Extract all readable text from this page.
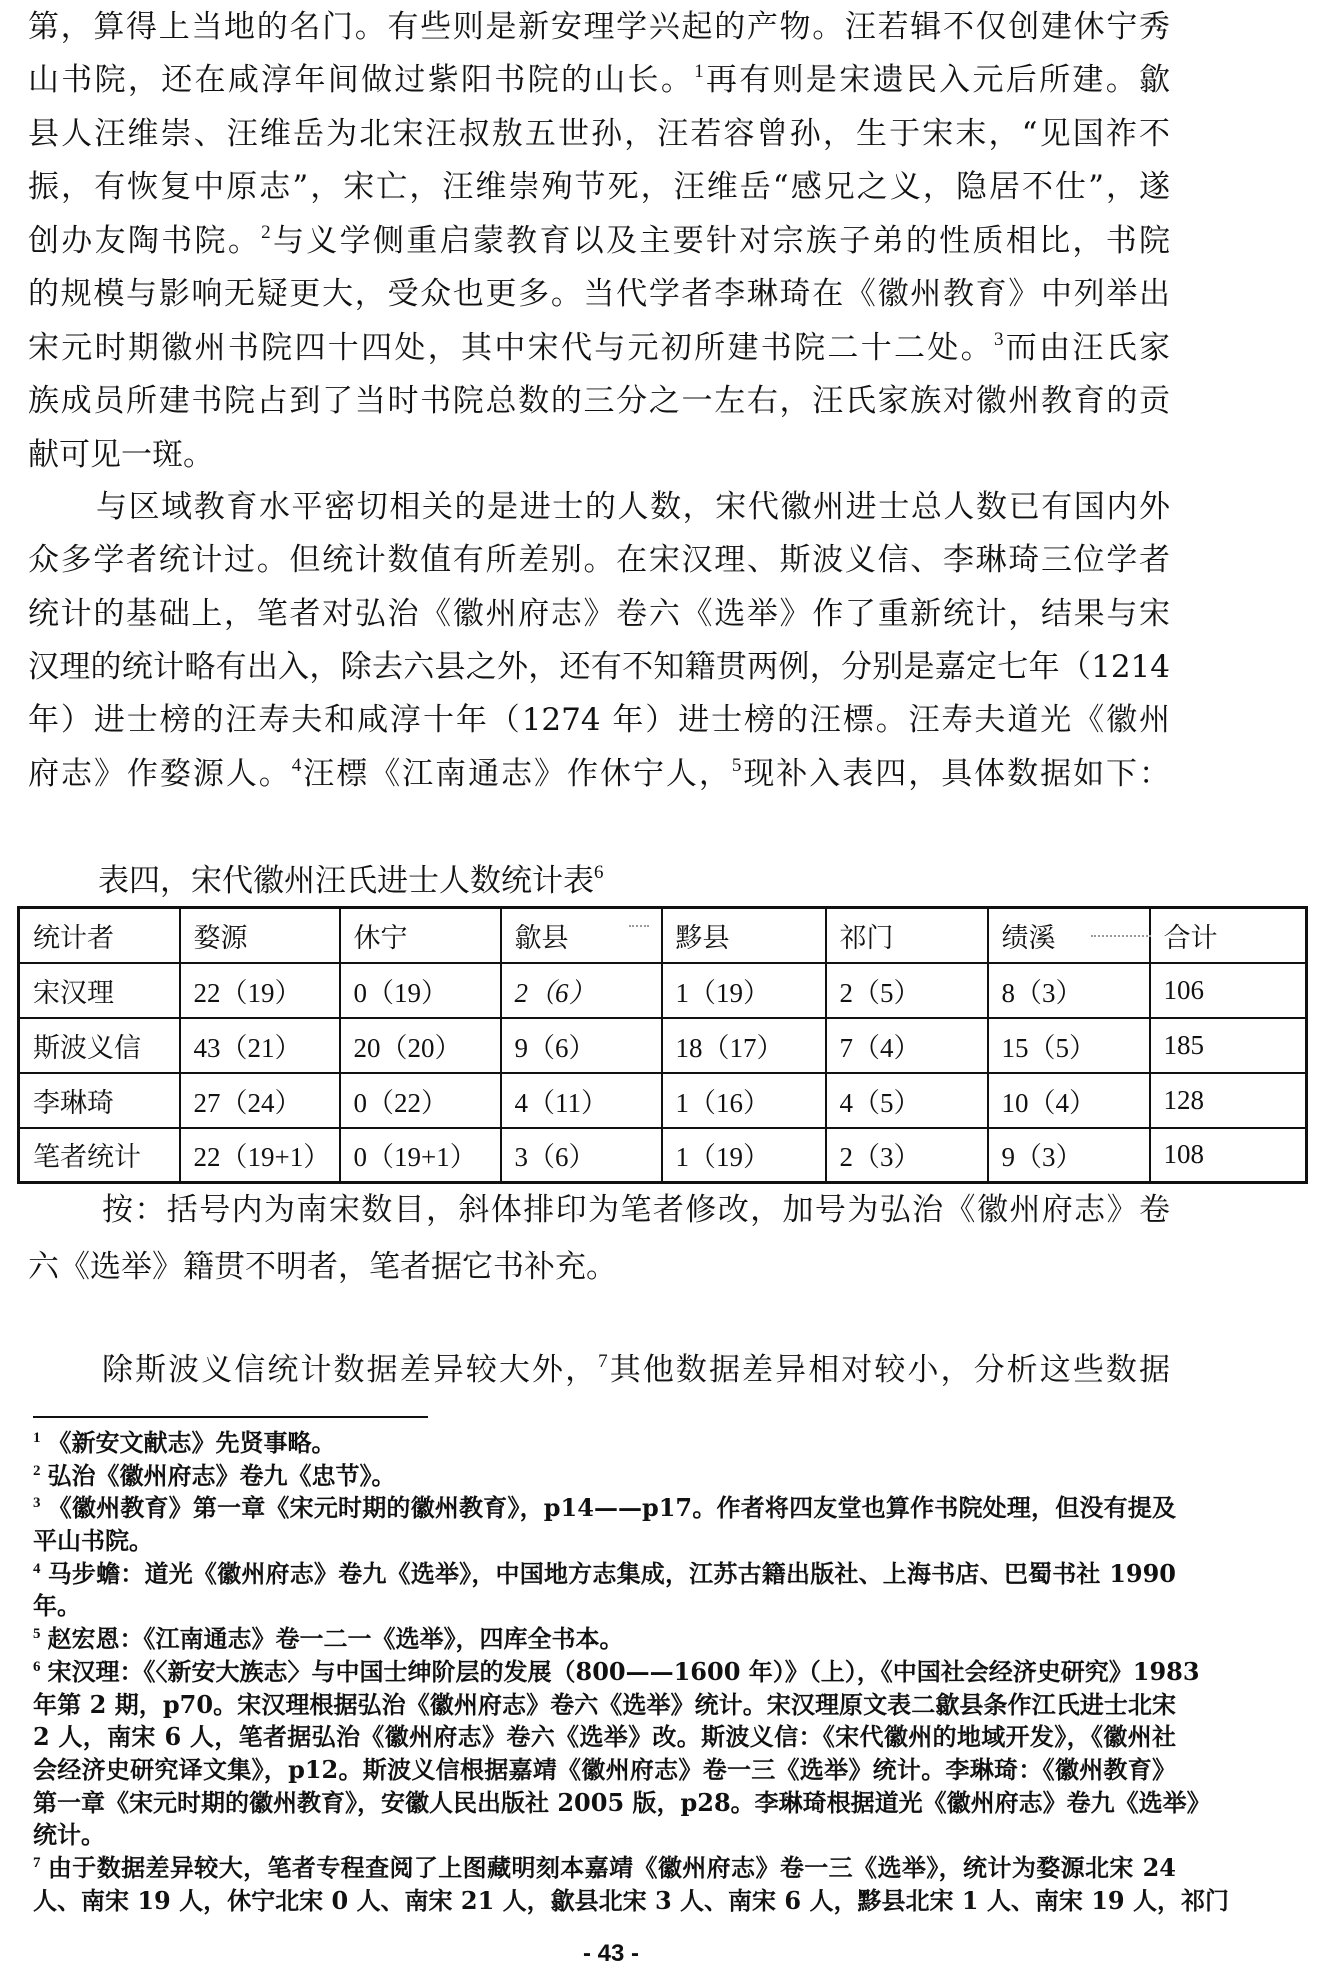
第，算得上当地的名门。有些则是新安理学兴起的产物。汪若辑不仅创建休宁秀
山书院，还在咸淳年间做过紫阳书院的山长。$^1$再有则是宋遗民入元后所建。歙
县人汪维崇、汪维岳为北宋汪叔敖五世孙，汪若容曾孙，生于宋末，“见国祚不
振，有恢复中原志”，宋亡，汪维崇殉节死，汪维岳“感兄之义，隐居不仕”，遂
创办友陶书院。$^2$与义学侧重启蒙教育以及主要针对宗族子弟的性质相比，书院
的规模与影响无疑更大，受众也更多。当代学者李琳琦在《徽州教育》中列举出
宋元时期徽州书院四十四处，其中宋代与元初所建书院二十二处。$^3$而由汪氏家
族成员所建书院占到了当时书院总数的三分之一左右，汪氏家族对徽州教育的贡
献可见一斑。
与区域教育水平密切相关的是进士的人数，宋代徽州进士总人数已有国内外
众多学者统计过。但统计数值有所差别。在宋汉理、斯波义信、李琳琦三位学者
统计的基础上，笔者对弘治《徽州府志》卷六《选举》作了重新统计，结果与宋
汉理的统计略有出入，除去六县之外，还有不知籍贯两例，分别是嘉定七年（1214
年）进士榜的汪寿夫和咸淳十年（1274 年）进士榜的汪標。汪寿夫道光《徽州
府志》作婺源人。$^4$汪標《江南通志》作休宁人，$^5$现补入表四，具体数据如下：
表四，宋代徽州汪氏进士人数统计表$^6$
统计者	婺源	休宁	歙县	黟县	祁门	绩溪	合计
宋汉理	22（19）	0（19）	2（6）	1（19）	2（5）	8（3）	106
斯波义信	43（21）	20（20）	9（6）	18（17）	7（4）	15（5）	185
李琳琦	27（24）	0（22）	4（11）	1（16）	4（5）	10（4）	128
笔者统计	22（19+1）	0（19+1）	3（6）	1（19）	2（3）	9（3）	108
按：括号内为南宋数目，斜体排印为笔者修改，加号为弘治《徽州府志》卷
六《选举》籍贯不明者，笔者据它书补充。
除斯波义信统计数据差异较大外，$^7$其他数据差异相对较小，分析这些数据
$^1$ 《新安文献志》先贤事略。
$^2$ 弘治《徽州府志》卷九《忠节》。
$^3$ 《徽州教育》第一章《宋元时期的徽州教育》，p14——p17。作者将四友堂也算作书院处理，但没有提及
平山书院。
$^4$ 马步蟾：道光《徽州府志》卷九《选举》，中国地方志集成，江苏古籍出版社、上海书店、巴蜀书社 1990
年。
$^5$ 赵宏恩：《江南通志》卷一二一《选举》，四库全书本。
$^6$ 宋汉理：《〈新安大族志〉与中国士绅阶层的发展（800——1600 年）》（上），《中国社会经济史研究》1983
年第 2 期，p70。宋汉理根据弘治《徽州府志》卷六《选举》统计。宋汉理原文表二歙县条作江氏进士北宋
2 人，南宋 6 人，笔者据弘治《徽州府志》卷六《选举》改。斯波义信：《宋代徽州的地域开发》，《徽州社
会经济史研究译文集》，p12。斯波义信根据嘉靖《徽州府志》卷一三《选举》统计。李琳琦：《徽州教育》
第一章《宋元时期的徽州教育》，安徽人民出版社 2005 版，p28。李琳琦根据道光《徽州府志》卷九《选举》
统计。
$^7$ 由于数据差异较大，笔者专程查阅了上图藏明刻本嘉靖《徽州府志》卷一三《选举》，统计为婺源北宋 24
人、南宋 19 人，休宁北宋 0 人、南宋 21 人，歙县北宋 3 人、南宋 6 人，黟县北宋 1 人、南宋 19 人，祁门
- 43 -
